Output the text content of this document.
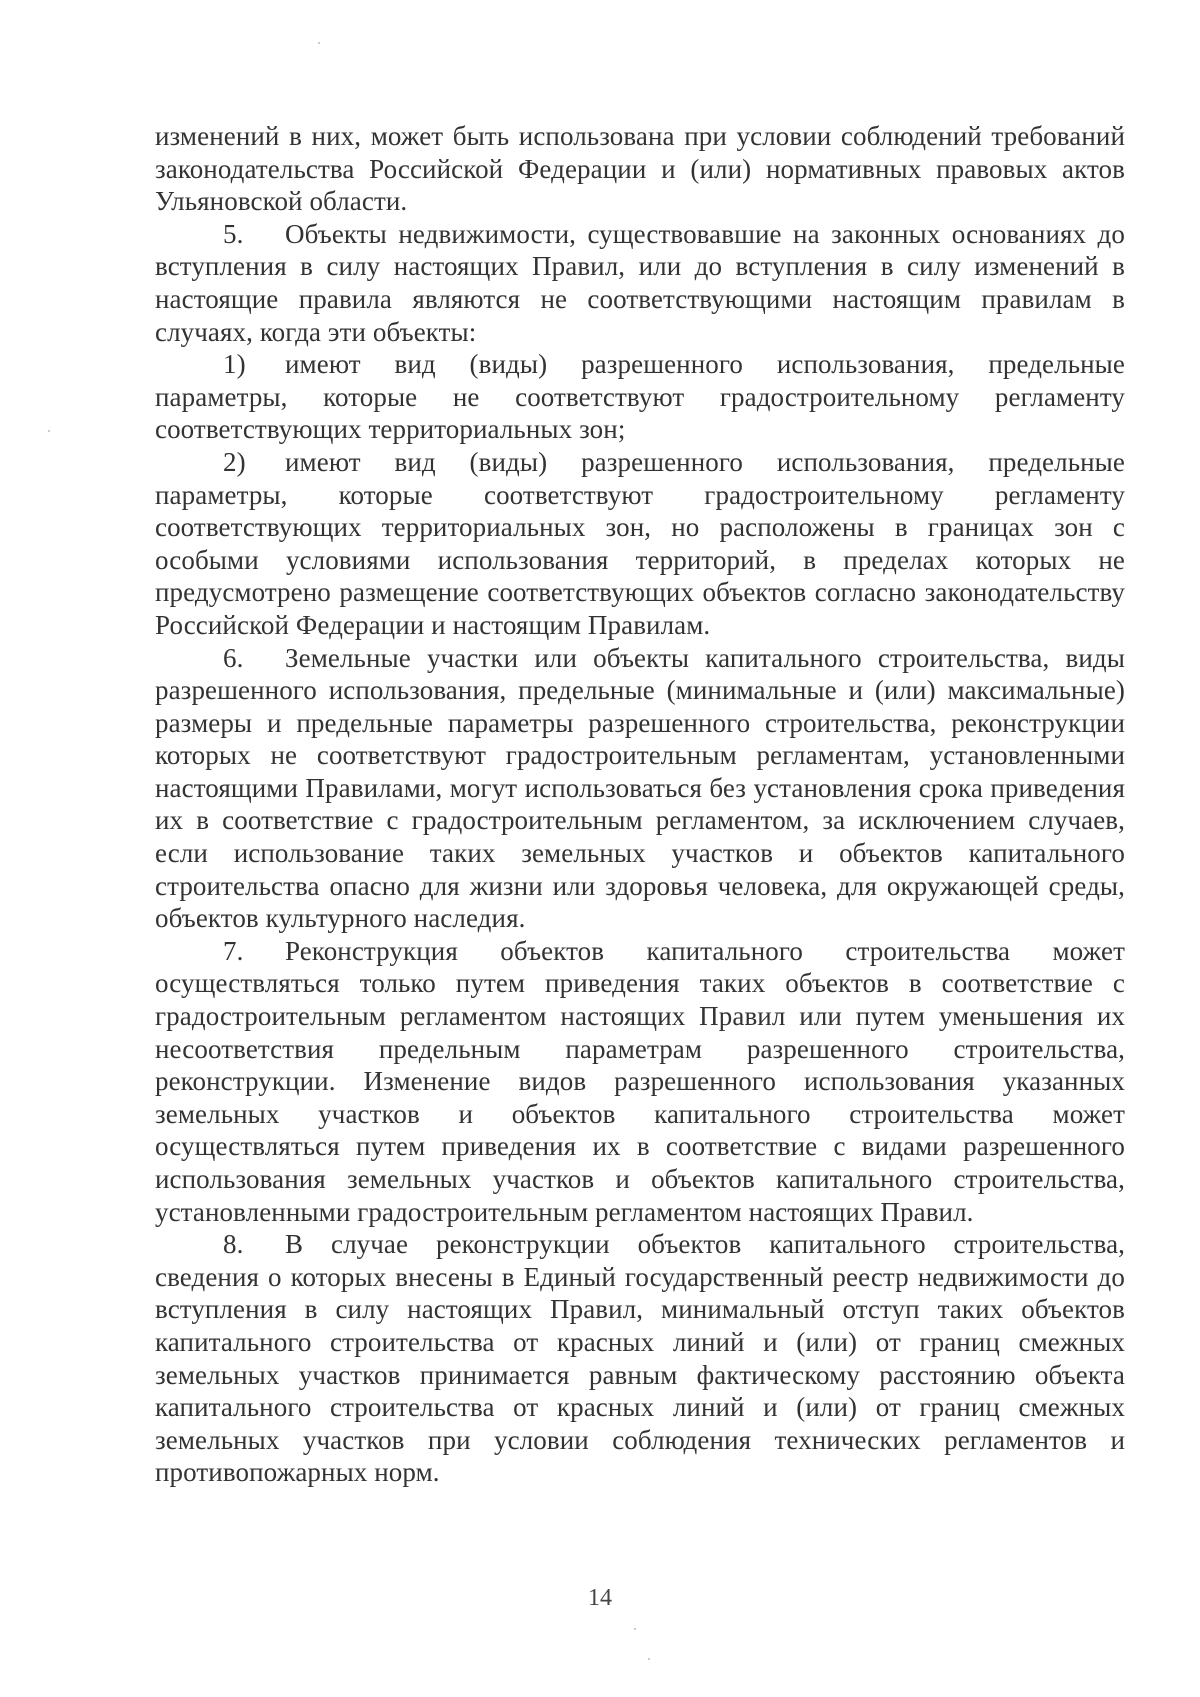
изменений в них, может быть использована при условии соблюдений требований законодательства Российской Федерации и (или) нормативных правовых актов Ульяновской области.

5. Объекты недвижимости, существовавшие на законных основаниях до вступления в силу настоящих Правил, или до вступления в силу изменений в настоящие правила являются не соответствующими настоящим правилам в случаях, когда эти объекты:

1) имеют вид (виды) разрешенного использования, предельные параметры, которые не соответствуют градостроительному регламенту соответствующих территориальных зон;

2) имеют вид (виды) разрешенного использования, предельные параметры, которые соответствуют градостроительному регламенту соответствующих территориальных зон, но расположены в границах зон с особыми условиями использования территорий, в пределах которых не предусмотрено размещение соответствующих объектов согласно законодательству Российской Федерации и настоящим Правилам.

6. Земельные участки или объекты капитального строительства, виды разрешенного использования, предельные (минимальные и (или) максимальные) размеры и предельные параметры разрешенного строительства, реконструкции которых не соответствуют градостроительным регламентам, установленными настоящими Правилами, могут использоваться без установления срока приведения их в соответствие с градостроительным регламентом, за исключением случаев, если использование таких земельных участков и объектов капитального строительства опасно для жизни или здоровья человека, для окружающей среды, объектов культурного наследия.

7. Реконструкция объектов капитального строительства может осуществляться только путем приведения таких объектов в соответствие с градостроительным регламентом настоящих Правил или путем уменьшения их несоответствия предельным параметрам разрешенного строительства, реконструкции. Изменение видов разрешенного использования указанных земельных участков и объектов капитального строительства может осуществляться путем приведения их в соответствие с видами разрешенного использования земельных участков и объектов капитального строительства, установленными градостроительным регламентом настоящих Правил.

8. В случае реконструкции объектов капитального строительства, сведения о которых внесены в Единый государственный реестр недвижимости до вступления в силу настоящих Правил, минимальный отступ таких объектов капитального строительства от красных линий и (или) от границ смежных земельных участков принимается равным фактическому расстоянию объекта капитального строительства от красных линий и (или) от границ смежных земельных участков при условии соблюдения технических регламентов и противопожарных норм.

14
